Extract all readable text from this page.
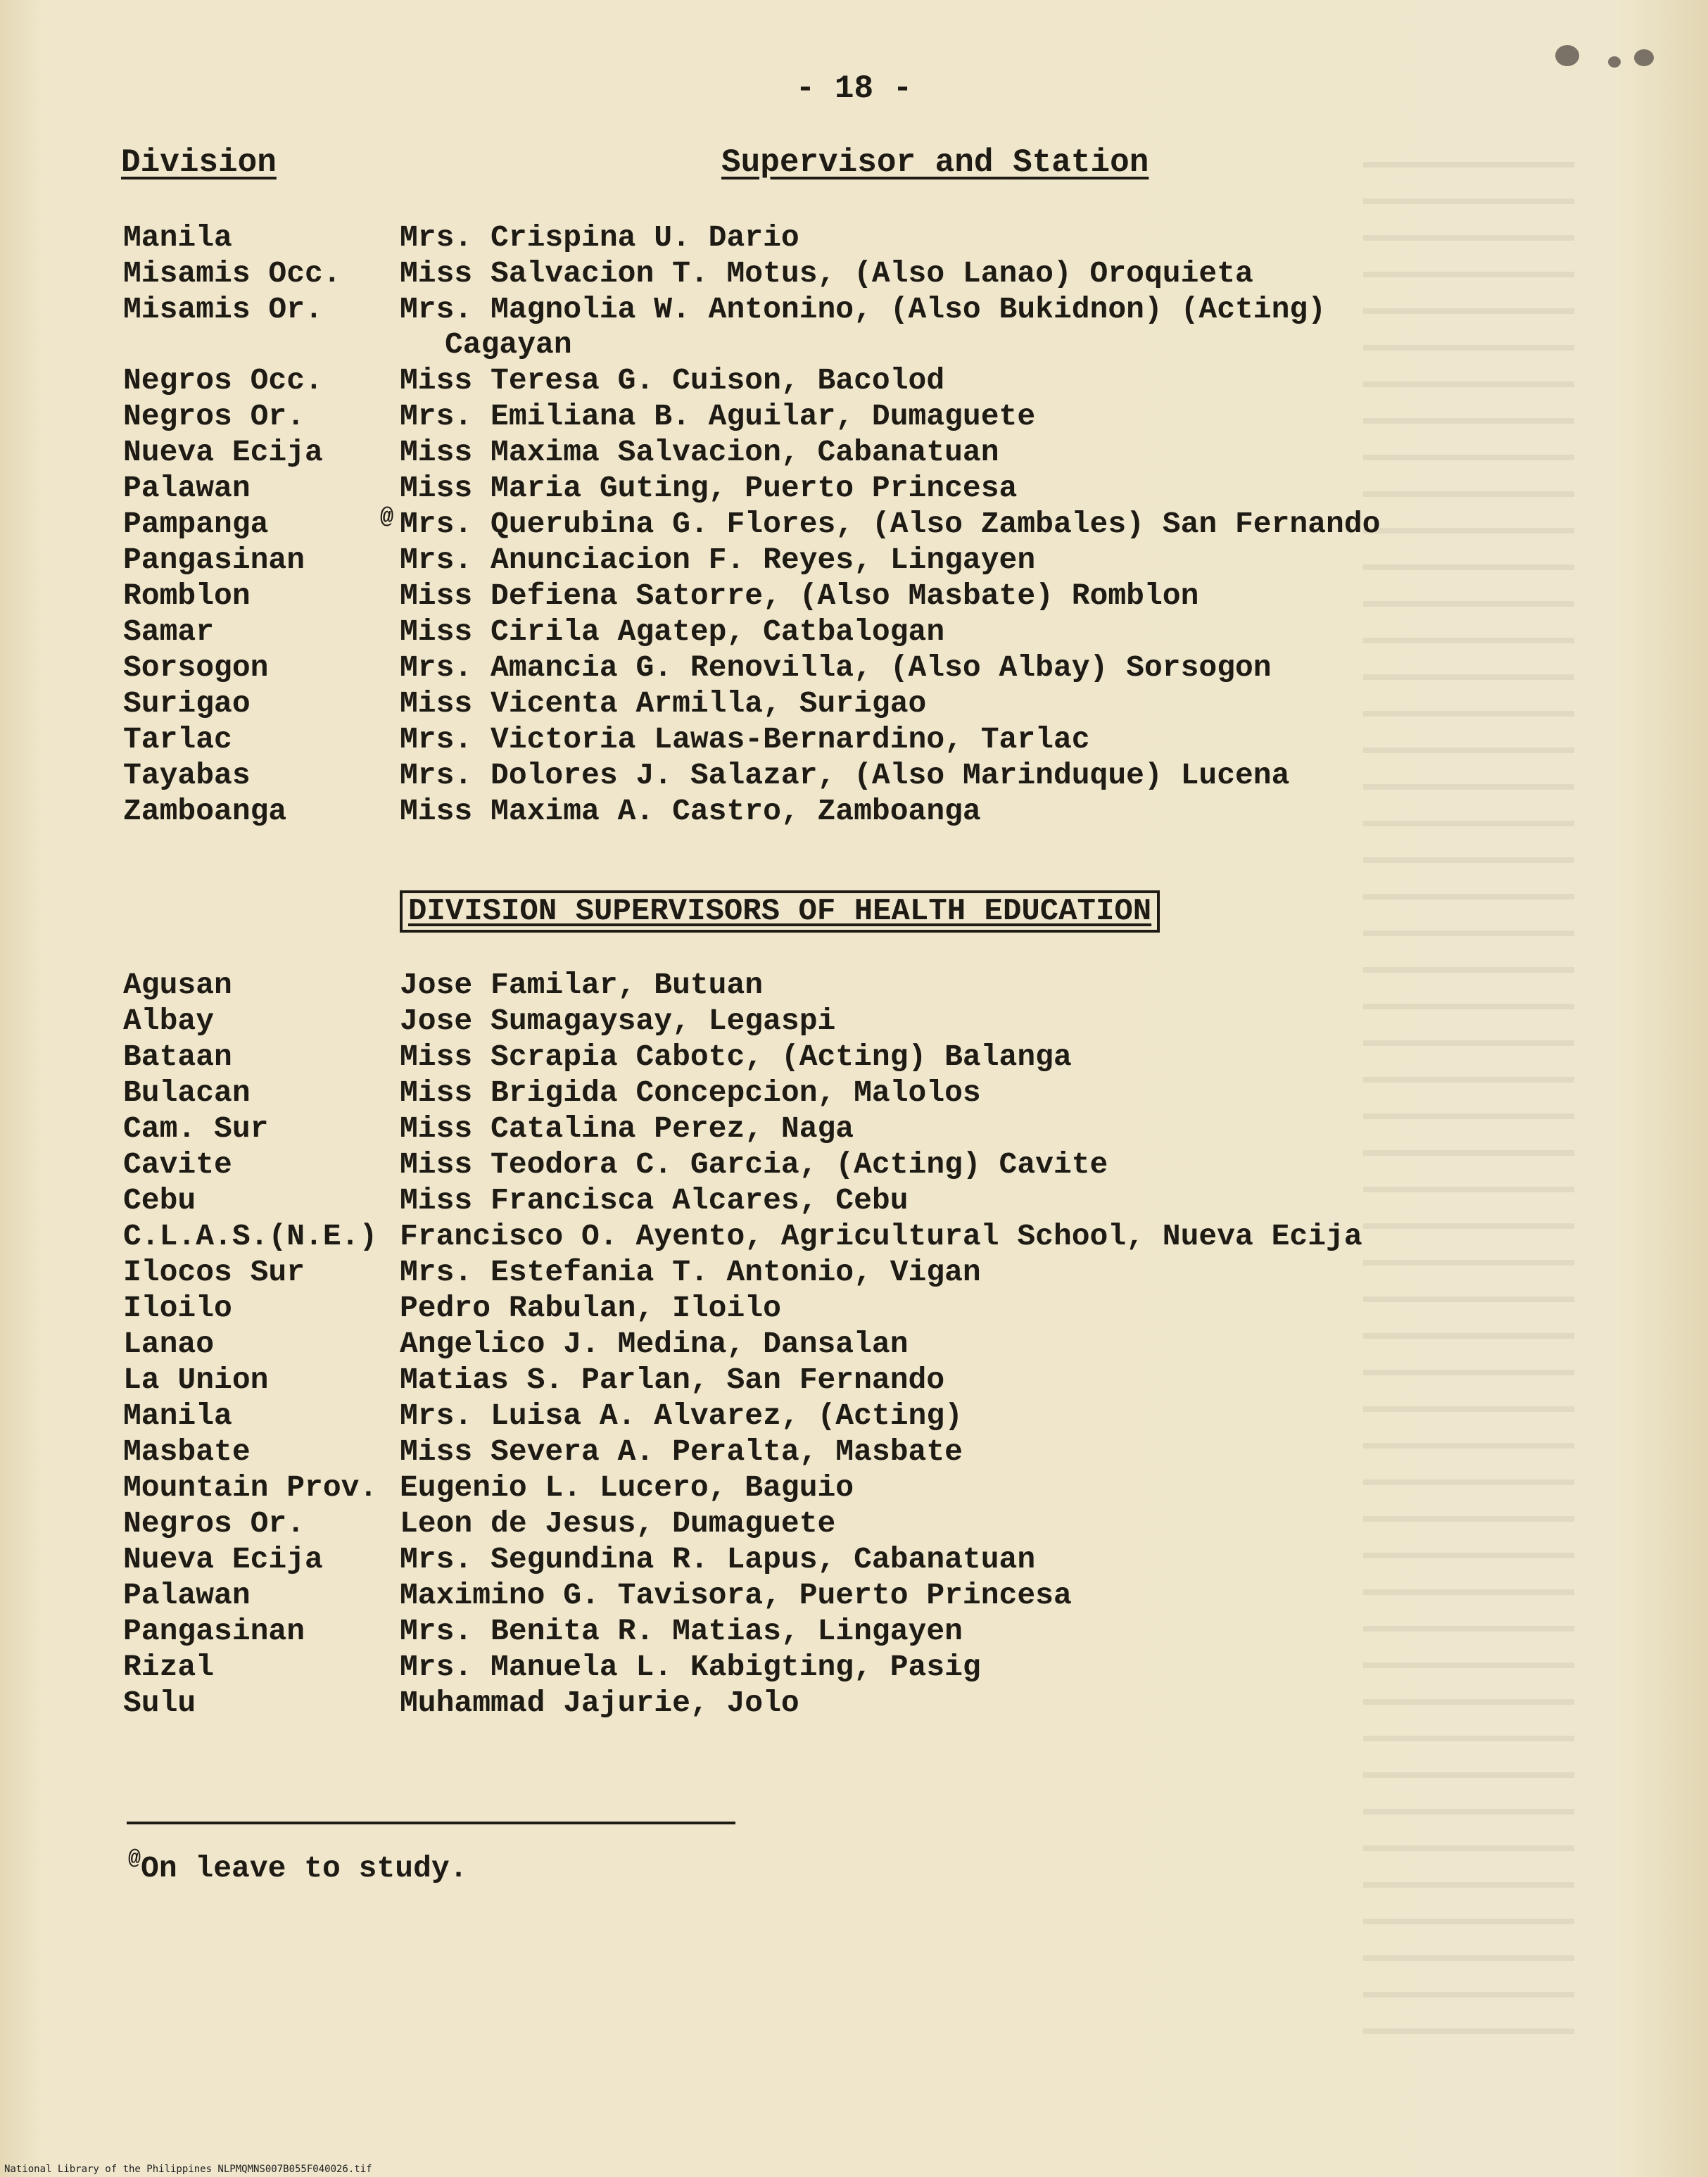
- 18 -
Division	Supervisor and Station
Manila	Mrs. Crispina U. Dario
Misamis Occ. Miss Salvacion T. Motus, (Also Lanao) Oroquieta
Misamis Or.	Mrs. Magnolia W. Antonino, (Also Bukidnon) (Acting)
Cagayan
Negros Occ.	Miss Teresa G. Cuison, Bacolod
Negros Or.	Mrs. Emiliana B. Aguilar, Dumaguete
Nueva Ecija	Miss Maxima Salvacion, Cabanatuan
Palawan	Miss Maria Guting, Puerto Princesa
Pampanga	@ Mrs. Querubina G. Flores, (Also Zambales) San Fernando
Pangasinan	Mrs. Anunciacion F. Reyes, Lingayen
Romblon	Miss Defiena Satorre, (Also Masbate) Romblon
Samar	Miss Cirila Agatep, Catbalogan
Sorsogon	Mrs. Amancia G. Renovilla, (Also Albay) Sorsogon
Surigao	Miss Vicenta Armilla, Surigao
Tarlac	Mrs. Victoria Lawas-Bernardino, Tarlac
Tayabas	Mrs. Dolores J. Salazar, (Also Marinduque) Lucena
Zamboanga	Miss Maxima A. Castro, Zamboanga
DIVISION SUPERVISORS OF HEALTH EDUCATION
Agusan	Jose Familar, Butuan
Albay	Jose Sumagaysay, Legaspi
Bataan	Miss Scrapia Cabotc, (Acting) Balanga
Bulacan	Miss Brigida Concepcion, Malolos
Cam. Sur	Miss Catalina Perez, Naga
Cavite	Miss Teodora C. Garcia, (Acting) Cavite
Cebu	Miss Francisca Alcares, Cebu
C.L.A.S.(N.E.) Francisco O. Ayento, Agricultural School, Nueva Ecija
Ilocos Sur	Mrs. Estefania T. Antonio, Vigan
Iloilo	Pedro Rabulan, Iloilo
Lanao	Angelico J. Medina, Dansalan
La Union	Matias S. Parlan, San Fernando
Manila	Mrs. Luisa A. Alvarez, (Acting)
Masbate	Miss Severa A. Peralta, Masbate
Mountain Prov. Eugenio L. Lucero, Baguio
Negros Or.	Leon de Jesus, Dumaguete
Nueva Ecija	Mrs. Segundina R. Lapus, Cabanatuan
Palawan	Maximino G. Tavisora, Puerto Princesa
Pangasinan	Mrs. Benita R. Matias, Lingayen
Rizal	Mrs. Manuela L. Kabigting, Pasig
Sulu	Muhammad Jajurie, Jolo
@On leave to study.
National Library of the Philippines NLPMQMNS007B055F040026.tif
